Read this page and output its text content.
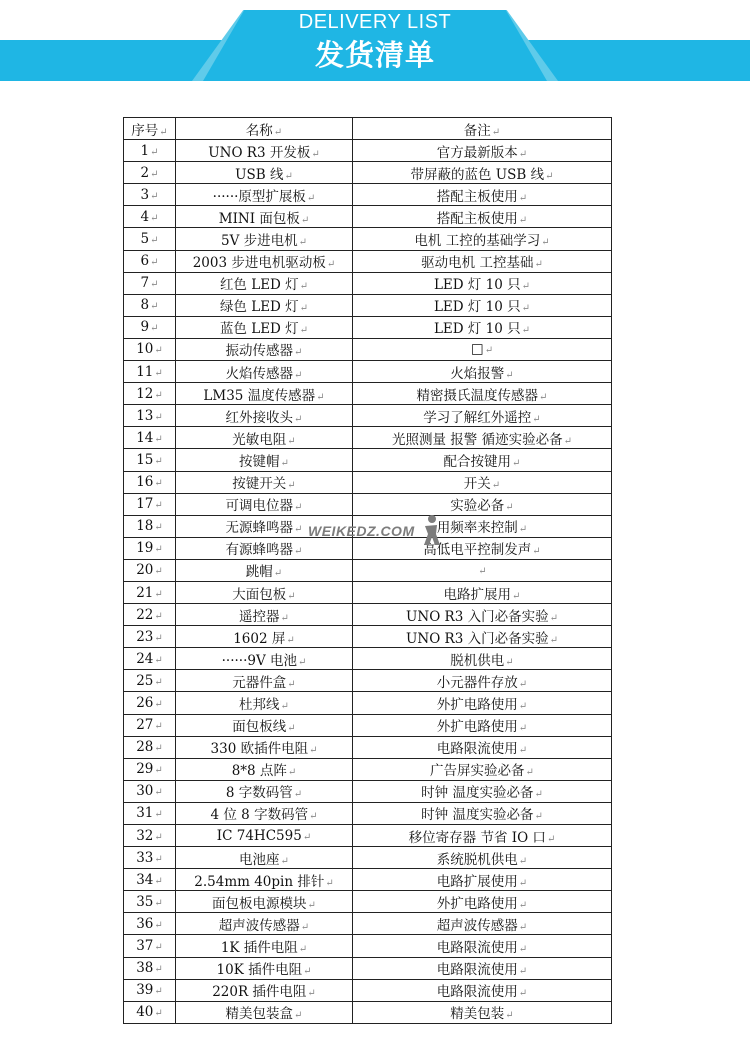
DELIVERY LIST
发货清单
序号↵	名称↵	备注↵
1↵	UNO R3 开发板↵	官方最新版本↵
2↵	USB 线↵	带屏蔽的蓝色 USB 线↵
3↵	······原型扩展板↵	搭配主板使用↵
4↵	MINI 面包板↵	搭配主板使用↵
5↵	5V 步进电机↵	电机 工控的基础学习↵
6↵	2003 步进电机驱动板↵	驱动电机 工控基础↵
7↵	红色 LED 灯↵	LED 灯 10 只↵
8↵	绿色 LED 灯↵	LED 灯 10 只↵
9↵	蓝色 LED 灯↵	LED 灯 10 只↵
10↵	振动传感器↵	□↵
11↵	火焰传感器↵	火焰报警↵
12↵	LM35 温度传感器↵	精密摄氏温度传感器↵
13↵	红外接收头↵	学习了解红外遥控↵
14↵	光敏电阻↵	光照测量 报警 循迹实验必备↵
15↵	按键帽↵	配合按键用↵
16↵	按键开关↵	开关↵
17↵	可调电位器↵	实验必备↵
18↵	无源蜂鸣器↵	用频率来控制↵
19↵	有源蜂鸣器↵	高低电平控制发声↵
20↵	跳帽↵	↵
21↵	大面包板↵	电路扩展用↵
22↵	遥控器↵	UNO R3 入门必备实验↵
23↵	1602 屏↵	UNO R3 入门必备实验↵
24↵	······9V 电池↵	脱机供电↵
25↵	元器件盒↵	小元器件存放↵
26↵	杜邦线↵	外扩电路使用↵
27↵	面包板线↵	外扩电路使用↵
28↵	330 欧插件电阻↵	电路限流使用↵
29↵	8*8 点阵↵	广告屏实验必备↵
30↵	8 字数码管↵	时钟 温度实验必备↵
31↵	4 位 8 字数码管↵	时钟 温度实验必备↵
32↵	IC 74HC595↵	移位寄存器 节省 IO 口↵
33↵	电池座↵	系统脱机供电↵
34↵	2.54mm 40pin 排针↵	电路扩展使用↵
35↵	面包板电源模块↵	外扩电路使用↵
36↵	超声波传感器↵	超声波传感器↵
37↵	1K 插件电阻↵	电路限流使用↵
38↵	10K 插件电阻↵	电路限流使用↵
39↵	220R 插件电阻↵	电路限流使用↵
40↵	精美包装盒↵	精美包装↵
WEIKEDZ.COM
